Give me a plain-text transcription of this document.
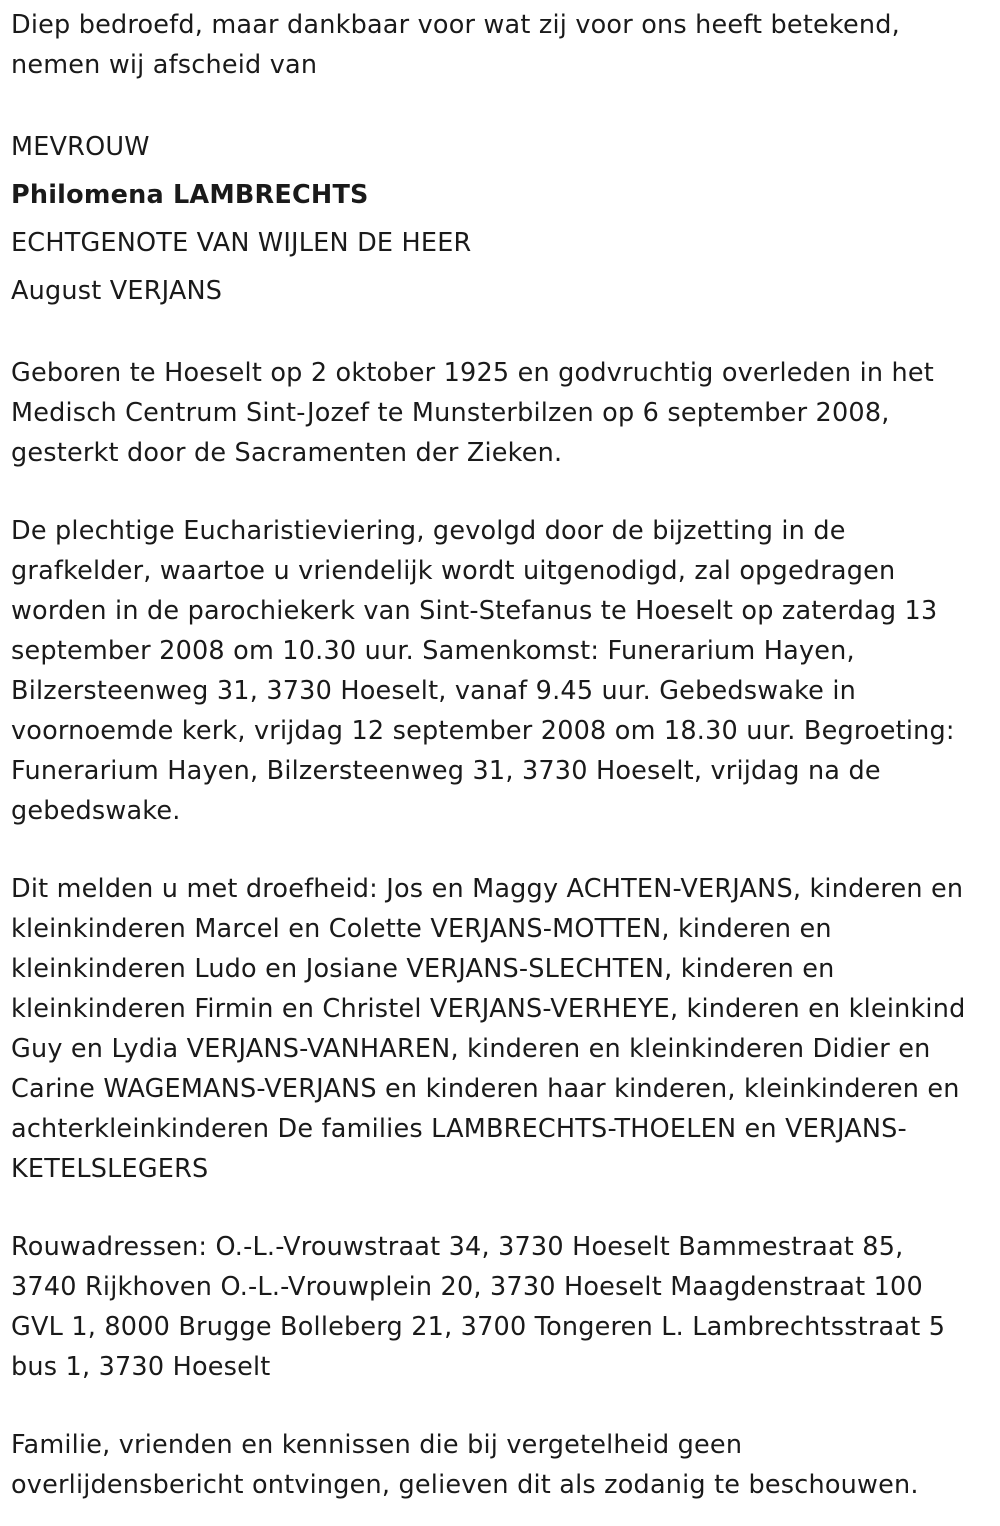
Diep bedroefd, maar dankbaar voor wat zij voor ons heeft betekend,
nemen wij afscheid van

MEVROUW

Philomena LAMBRECHTS

ECHTGENOTE VAN WIJLEN DE HEER

August VERJANS

Geboren te Hoeselt op 2 oktober 1925 en godvruchtig overleden in het
Medisch Centrum Sint-Jozef te Munsterbilzen op 6 september 2008,
gesterkt door de Sacramenten der Zieken.

De plechtige Eucharistieviering, gevolgd door de bijzetting in de
grafkelder, waartoe u vriendelijk wordt uitgenodigd, zal opgedragen
worden in de parochiekerk van Sint-Stefanus te Hoeselt op zaterdag 13
september 2008 om 10.30 uur. Samenkomst: Funerarium Hayen,
Bilzersteenweg 31, 3730 Hoeselt, vanaf 9.45 uur. Gebedswake in
voornoemde kerk, vrijdag 12 september 2008 om 18.30 uur. Begroeting:
Funerarium Hayen, Bilzersteenweg 31, 3730 Hoeselt, vrijdag na de
gebedswake.

Dit melden u met droefheid: Jos en Maggy ACHTEN-VERJANS, kinderen en
kleinkinderen Marcel en Colette VERJANS-MOTTEN, kinderen en
kleinkinderen Ludo en Josiane VERJANS-SLECHTEN, kinderen en
kleinkinderen Firmin en Christel VERJANS-VERHEYE, kinderen en kleinkind
Guy en Lydia VERJANS-VANHAREN, kinderen en kleinkinderen Didier en
Carine WAGEMANS-VERJANS en kinderen haar kinderen, kleinkinderen en
achterkleinkinderen De families LAMBRECHTS-THOELEN en VERJANS-
KETELSLEGERS

Rouwadressen: O.-L.-Vrouwstraat 34, 3730 Hoeselt Bammestraat 85,
3740 Rijkhoven O.-L.-Vrouwplein 20, 3730 Hoeselt Maagdenstraat 100
GVL 1, 8000 Brugge Bolleberg 21, 3700 Tongeren L. Lambrechtsstraat 5
bus 1, 3730 Hoeselt

Familie, vrienden en kennissen die bij vergetelheid geen
overlijdensbericht ontvingen, gelieven dit als zodanig te beschouwen.
